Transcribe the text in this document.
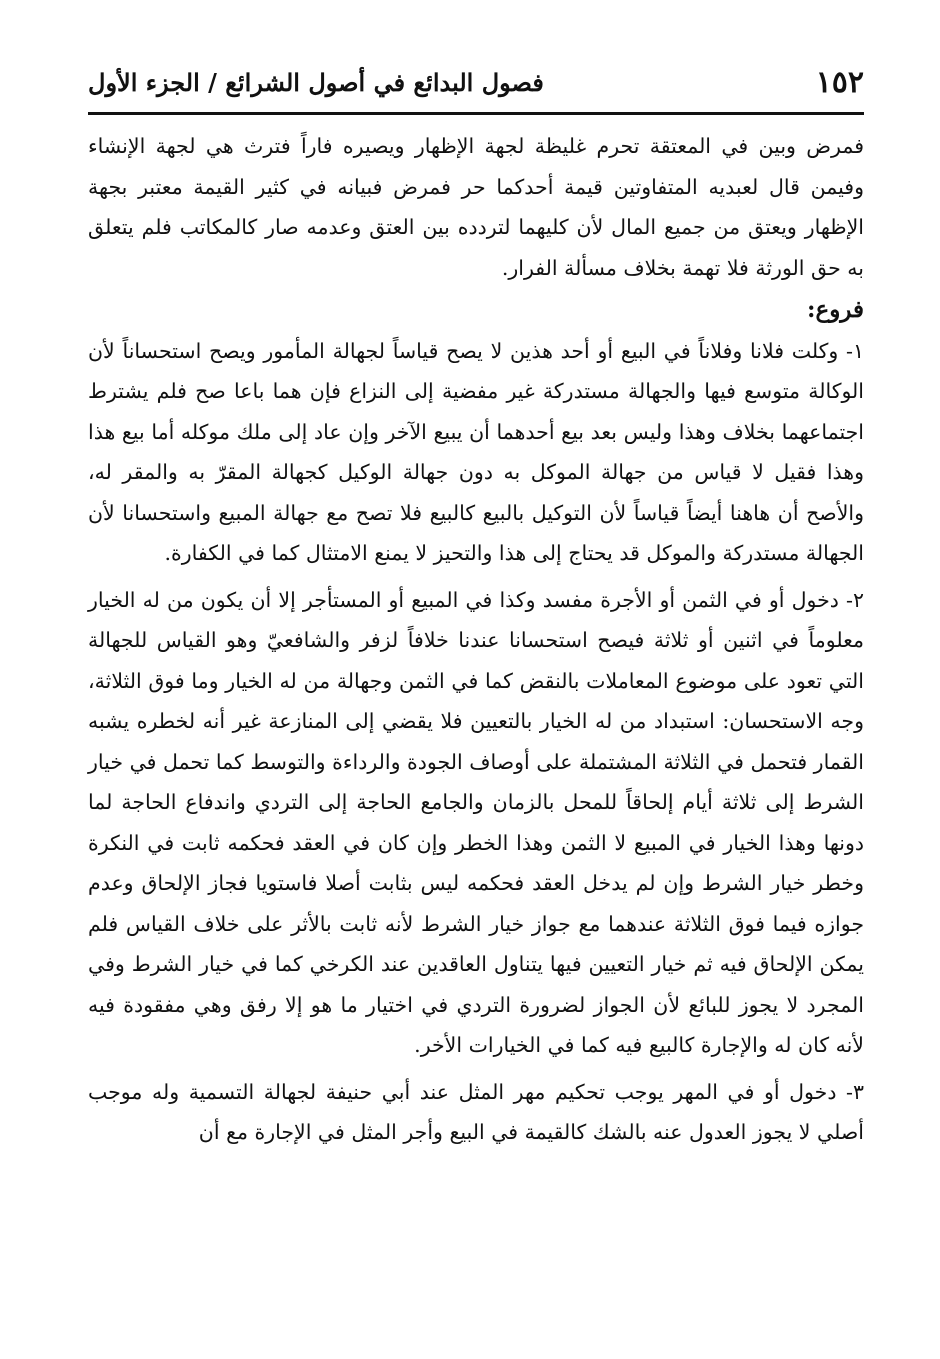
١٥٢
فصول البدائع في أصول الشرائع / الجزء الأول

فمرض وبين في المعتقة تحرم غليظة لجهة الإظهار ويصيره فاراً فترث هي لجهة الإنشاء وفيمن قال لعبديه المتفاوتين قيمة أحدكما حر فمرض فبيانه في كثير القيمة معتبر بجهة الإظهار ويعتق من جميع المال لأن كليهما لتردده بين العتق وعدمه صار كالمكاتب فلم يتعلق به حق الورثة فلا تهمة بخلاف مسألة الفرار.

فروع:

١- وكلت فلانا وفلاناً في البيع أو أحد هذين لا يصح قياساً لجهالة المأمور ويصح استحساناً لأن الوكالة متوسع فيها والجهالة مستدركة غير مفضية إلى النزاع فإن هما باعا صح فلم يشترط اجتماعهما بخلاف وهذا وليس بعد بيع أحدهما أن يبيع الآخر وإن عاد إلى ملك موكله أما بيع هذا وهذا فقيل لا قياس من جهالة الموكل به دون جهالة الوكيل كجهالة المقرّ به والمقر له، والأصح أن هاهنا أيضاً قياساً لأن التوكيل بالبيع كالبيع فلا تصح مع جهالة المبيع واستحسانا لأن الجهالة مستدركة والموكل قد يحتاج إلى هذا والتحيز لا يمنع الامتثال كما في الكفارة.

٢- دخول أو في الثمن أو الأجرة مفسد وكذا في المبيع أو المستأجر إلا أن يكون من له الخيار معلوماً في اثنين أو ثلاثة فيصح استحسانا عندنا خلافاً لزفر والشافعيّ وهو القياس للجهالة التي تعود على موضوع المعاملات بالنقض كما في الثمن وجهالة من له الخيار وما فوق الثلاثة، وجه الاستحسان: استبداد من له الخيار بالتعيين فلا يقضي إلى المنازعة غير أنه لخطره يشبه القمار فتحمل في الثلاثة المشتملة على أوصاف الجودة والرداءة والتوسط كما تحمل في خيار الشرط إلى ثلاثة أيام إلحاقاً للمحل بالزمان والجامع الحاجة إلى التردي واندفاع الحاجة لما دونها وهذا الخيار في المبيع لا الثمن وهذا الخطر وإن كان في العقد فحكمه ثابت في النكرة وخطر خيار الشرط وإن لم يدخل العقد فحكمه ليس بثابت أصلا فاستويا فجاز الإلحاق وعدم جوازه فيما فوق الثلاثة عندهما مع جواز خيار الشرط لأنه ثابت بالأثر على خلاف القياس فلم يمكن الإلحاق فيه ثم خيار التعيين فيها يتناول العاقدين عند الكرخي كما في خيار الشرط وفي المجرد لا يجوز للبائع لأن الجواز لضرورة التردي في اختيار ما هو إلا رفق وهي مفقودة فيه لأنه كان له والإجارة كالبيع فيه كما في الخيارات الأخر.

٣- دخول أو في المهر يوجب تحكيم مهر المثل عند أبي حنيفة لجهالة التسمية وله موجب أصلي لا يجوز العدول عنه بالشك كالقيمة في البيع وأجر المثل في الإجارة مع أن
